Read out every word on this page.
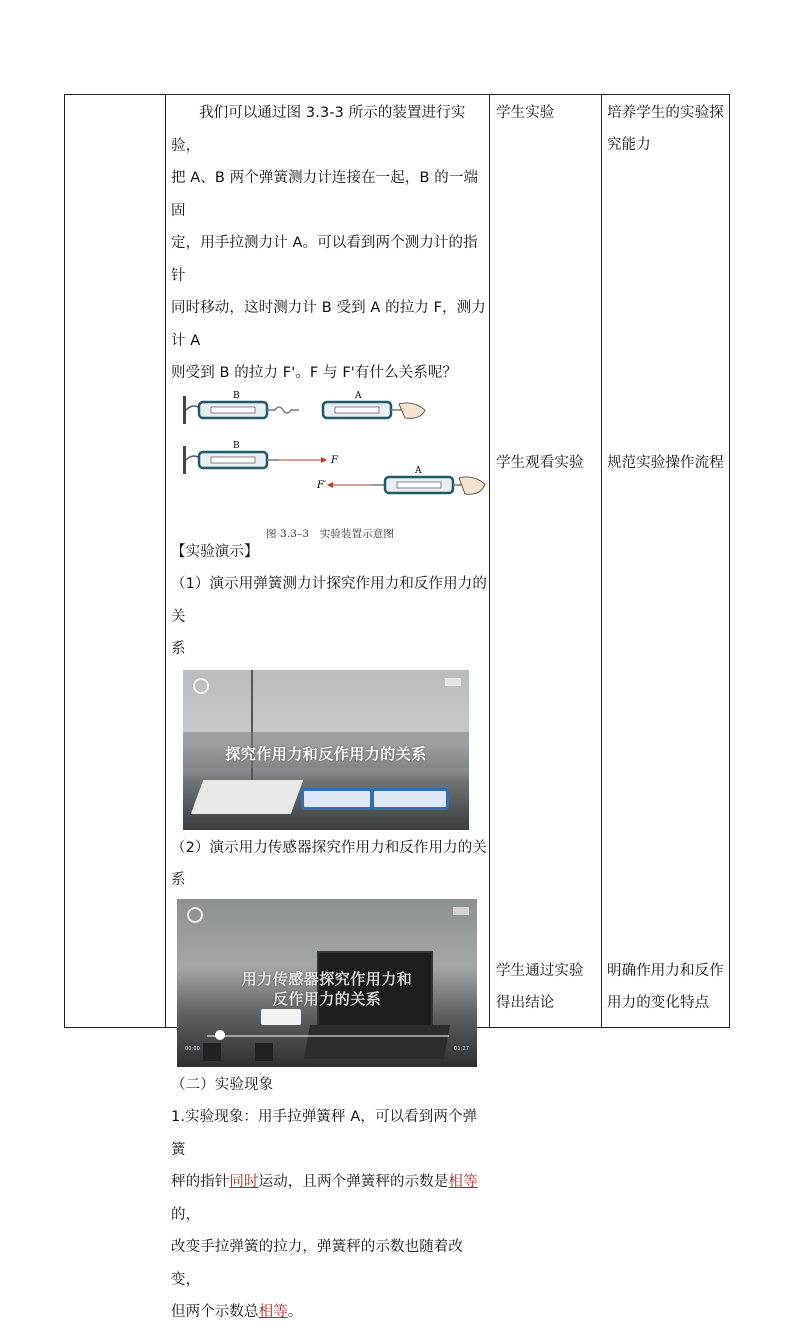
我们可以通过图 3.3-3 所示的装置进行实验，
把 A、B 两个弹簧测力计连接在一起，B 的一端固
定，用手拉测力计 A。可以看到两个测力计的指针
同时移动，这时测力计 B 受到 A 的拉力 F，测力计 A
则受到 B 的拉力 F'。F 与 F'有什么关系呢？
B	A
B
F
F′
A
图 3.3–3　实验装置示意图
【实验演示】
（1）演示用弹簧测力计探究作用力和反作用力的关
系
探究作用力和反作用力的关系
（2）演示用力传感器探究作用力和反作用力的关系
用力传感器探究作用力和
反作用力的关系
00:00	01:27
（二）实验现象
1.实验现象：用手拉弹簧秤 A，可以看到两个弹簧
秤的指针同时运动，且两个弹簧秤的示数是相等的，
改变手拉弹簧的拉力，弹簧秤的示数也随着改变，
但两个示数总相等。
学生实验
学生观看实验
学生通过实验
得出结论
培养学生的实验探
究能力
规范实验操作流程
明确作用力和反作
用力的变化特点
